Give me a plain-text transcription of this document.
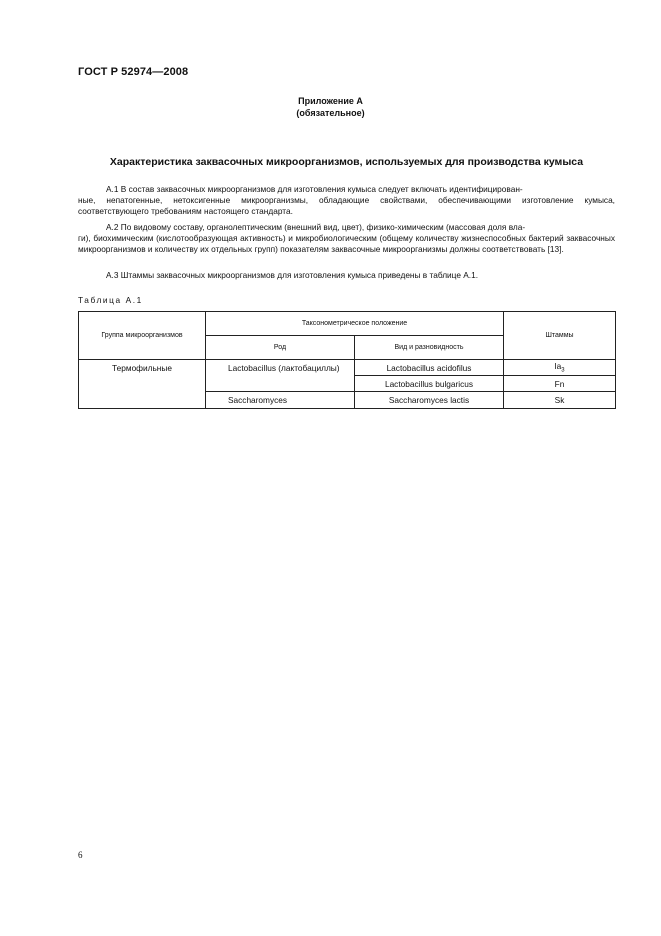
ГОСТ Р 52974—2008
Приложение А
(обязательное)
Характеристика заквасочных микроорганизмов, используемых для производства кумыса
А.1 В состав заквасочных микроорганизмов для изготовления кумыса следует включать идентифицирован-
ные, непатогенные, нетоксигенные микроорганизмы, обладающие свойствами, обеспечивающими изготовление кумыса, соответствующего требованиям настоящего стандарта.
А.2 По видовому составу, органолептическим (внешний вид, цвет), физико-химическим (массовая доля вла-
ги), биохимическим (кислотообразующая активность) и микробиологическим (общему количеству жизнеспособных бактерий заквасочных микроорганизмов и количеству их отдельных групп) показателям заквасочные микроорганизмы должны соответствовать [13].
А.3 Штаммы заквасочных микроорганизмов для изготовления кумыса приведены в таблице А.1.
Таблица А.1
Группа микроорганизмов	Таксонометрическое положение		Штаммы
	Род	Вид и разновидность	
Термофильные	Lactobacillus (лактобациллы)	Lactobacillus acidofilus	$Ia_3$
		Lactobacillus bulgaricus	Fn
	Saccharomyces	Saccharomyces lactis	Sk
6
